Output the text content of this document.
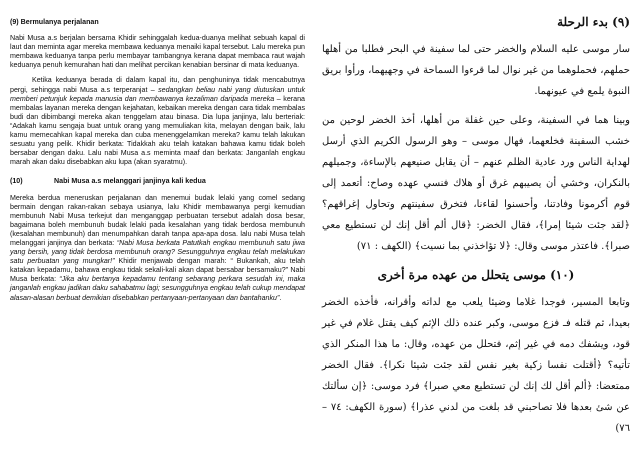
(9) Bermulanya perjalanan

Nabi Musa a.s berjalan bersama Khidir sehinggalah kedua-duanya melihat sebuah kapal di laut dan meminta agar mereka membawa keduanya menaiki kapal tersebut. Lalu mereka pun membawa keduanya tanpa perlu membayar tambangnya kerana dapat membaca raut wajah keduanya penuh kemurahan hati dan melihat percikan kenabian bersinar di mata keduanya.

Ketika keduanya berada di dalam kapal itu, dan penghuninya tidak mencabutnya pergi, sehingga nabi Musa a.s terperanjat – sedangkan beliau nabi yang diutuskan untuk memberi petunjuk kepada manusia dan membawanya kezaliman daripada mereka – kerana membalas layanan mereka dengan kejahatan, kebaikan mereka dengan cara tidak membalas budi dan dibimbangi mereka akan tenggelam atau binasa. Dia lupa janjinya, lalu berteriak: “Adakah kamu sengaja buat untuk orang yang memuliakan kita, melayan dengan baik, lalu kamu memecahkan kapal mereka dan cuba menenggelamkan mereka? kamu telah lakukan sesuatu yang pelik. Khidir berkata: Tidakkah aku telah katakan bahawa kamu tidak boleh bersabar dengan daku. Lalu nabi Musa a.s meminta maaf dan berkata: Janganlah engkau marah akan daku disebabkan aku lupa (akan syaratmu).

(10)	Nabi Musa a.s melanggari janjinya kali kedua

Mereka berdua meneruskan perjalanan dan menemui budak lelaki yang comel sedang bermain dengan rakan-rakan sebaya usianya, lalu Khidir membawanya pergi kemudian membunuh Nabi Musa terkejut dan menganggap perbuatan tersebut adalah dosa besar, bagaimana boleh membunuh budak lelaki pada kesalahan yang tidak berdosa membunuh (kesalahan membunuh) dan menumpahkan darah tanpa apa-apa dosa. lalu nabi Musa telah melanggari janjinya dan berkata: “Nabi Musa berkata Patutkah engkau membunuh satu jiwa yang bersih, yang tidak berdosa membunuh orang? Sesungguhnya engkau telah melakukan satu perbuatan yang mungkar!” Khidir menjawab dengan marah: “ Bukankah, aku telah katakan kepadamu, bahawa engkau tidak sekali-kali akan dapat bersabar bersamaku?” Nabi Musa berkata: “Jika aku bertanya kepadamu tentang sebarang perkara sesudah ini, maka janganlah engkau jadikan daku sahabatmu lagi; sesungguhnya engkau telah cukup mendapat alasan-alasan berbuat demikian disebabkan pertanyaan-pertanyaan dan bantahanku”.

(٩) بدء الرحلة

سار موسى عليه السلام والخضر حتى لما سفينة في البحر فطلبا من أهلها حملهم، فحملوهما من غير نوال لما قرءوا السماحة في وجهيهما، ورأوا بريق النبوة يلمع في عيونهما.

وبينا هما في السفينة، وعلى حين غفلة من أهلها، أخذ الخضر لوحين من خشب السفينة فخلعهما، فهال موسى – وهو الرسول الكريم الذي أرسل لهداية الناس ورد عادية الظلم عنهم – أن يقابل صنيعهم بالإساءة، وجميلهم بالنكران، وخشي أن يصيبهم غرق أو هلاك فنسي عهده وصاح: أتعمد إلى قوم أكرمونا وفادتنا، وأحسنوا لقاءنا، فتخرق سفينتهم وتحاول إغراقهم؟ ﴿لقد جئت شيئا إمرا﴾، فقال الخضر: ﴿قال ألم أقل إنك لن تستطيع معي صبرا﴾. فاعتذر موسى وقال: ﴿لا تؤاخذني بما نسيت﴾ (الكهف : ٧١)

(١٠) موسى يتحلل من عهده مرة أخرى

وتابعا المسير، فوجدا غلاما وضيئا يلعب مع لداته وأقرانه، فأخذه الخضر بعيدا، ثم قتله فـ فزع موسى، وكبر عنده ذلك الإثم كيف يقتل غلام في غير قود، ويشفك دمه في غير إثم، فتحلل من عهده، وقال: ما هذا المنكر الذي تأتيه؟ ﴿أقتلت نفسا زكية بغير نفس لقد جئت شيئا نكرا﴾. فقال الخضر ممتعضا: ﴿ألم أقل لك إنك لن تستطيع معي صبرا﴾ فرد موسى: ﴿إن سألتك عن شئ بعدها فلا تصاحبني قد بلغت من لدني عذرا﴾ (سورة الكهف: ٧٤ – ٧٦)
